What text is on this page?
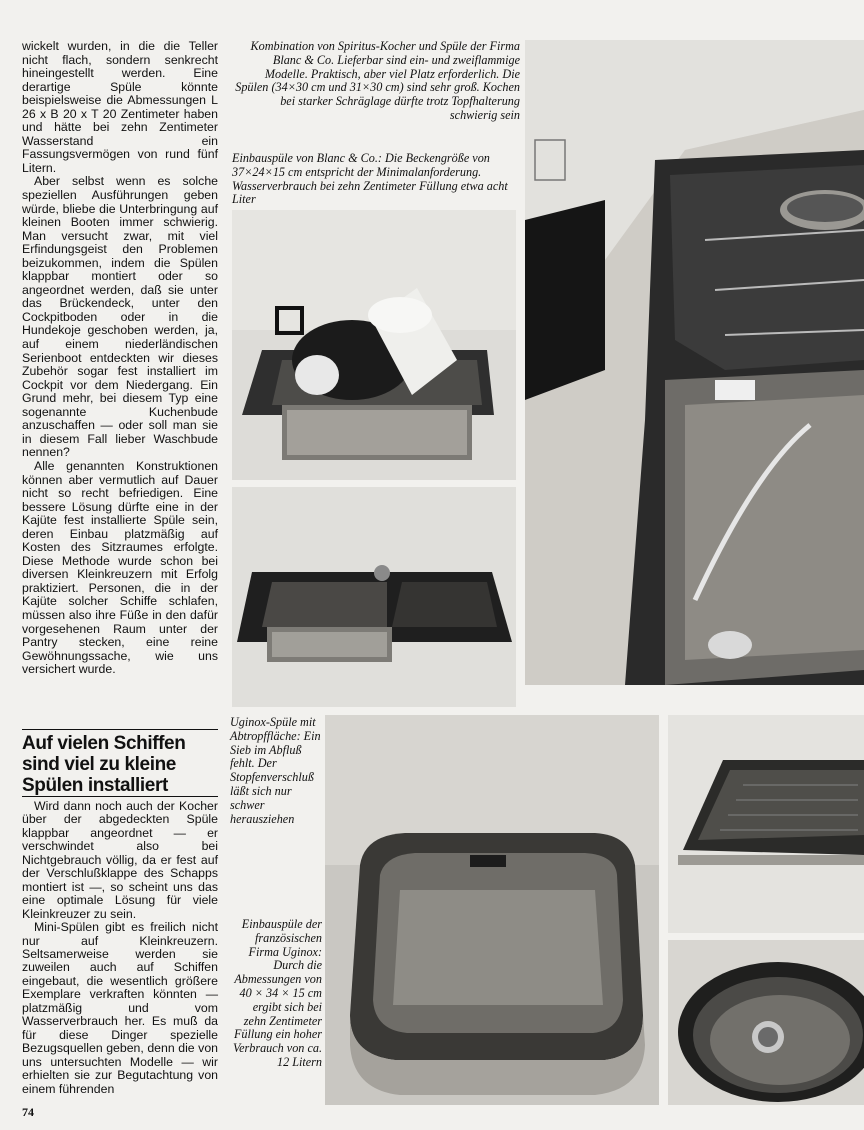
wickelt wurden, in die die Teller nicht flach, sondern senkrecht hineingestellt werden. Eine derartige Spüle könnte beispielsweise die Abmessungen L 26 x B 20 x T 20 Zentimeter haben und hätte bei zehn Zentimeter Wasserstand ein Fassungsvermögen von rund fünf Litern.

Aber selbst wenn es solche speziellen Ausführungen geben würde, bliebe die Unterbringung auf kleinen Booten immer schwierig. Man versucht zwar, mit viel Erfindungsgeist den Problemen beizukommen, indem die Spülen klappbar montiert oder so angeordnet werden, daß sie unter das Brückendeck, unter den Cockpitboden oder in die Hundekoje geschoben werden, ja, auf einem niederländischen Serienboot entdeckten wir dieses Zubehör sogar fest installiert im Cockpit vor dem Niedergang. Ein Grund mehr, bei diesem Typ eine sogenannte Kuchenbude anzuschaffen — oder soll man sie in diesem Fall lieber Waschbude nennen?

Alle genannten Konstruktionen können aber vermutlich auf Dauer nicht so recht befriedigen. Eine bessere Lösung dürfte eine in der Kajüte fest installierte Spüle sein, deren Einbau platzmäßig auf Kosten des Sitzraumes erfolgte. Diese Methode wurde schon bei diversen Kleinkreuzern mit Erfolg praktiziert. Personen, die in der Kajüte solcher Schiffe schlafen, müssen also ihre Füße in den dafür vorgesehenen Raum unter der Pantry stecken, eine reine Gewöhnungssache, wie uns versichert wurde.

Auf vielen Schiffen sind viel zu kleine Spülen installiert

Wird dann noch auch der Kocher über der abgedeckten Spüle klappbar angeordnet — er verschwindet also bei Nichtgebrauch völlig, da er fest auf der Verschlußklappe des Schapps montiert ist —, so scheint uns das eine optimale Lösung für viele Kleinkreuzer zu sein.

Mini-Spülen gibt es freilich nicht nur auf Kleinkreuzern. Seltsamerweise werden sie zuweilen auch auf Schiffen eingebaut, die wesentlich größere Exemplare verkraften könnten — platzmäßig und vom Wasserverbrauch her. Es muß da für diese Dinger spezielle Bezugsquellen geben, denn die von uns untersuchten Modelle — wir erhielten sie zur Begutachtung von einem führenden

74
Kombination von Spiritus-Kocher und Spüle der Firma Blanc & Co. Lieferbar sind ein- und zweiflammige Modelle. Praktisch, aber viel Platz erforderlich. Die Spülen (34×30 cm und 31×30 cm) sind sehr groß. Kochen bei starker Schräglage dürfte trotz Topfhalterung schwierig sein
Einbauspüle von Blanc & Co.: Die Beckengröße von 37×24×15 cm entspricht der Minimalanforderung. Wasserverbrauch bei zehn Zentimeter Füllung etwa acht Liter
Uginox-Spüle mit Abtropffläche: Ein Sieb im Abfluß fehlt. Der Stopfenverschluß läßt sich nur schwer herausziehen
Einbauspüle der französischen Firma Uginox: Durch die Abmessungen von 40 × 34 × 15 cm ergibt sich bei zehn Zentimeter Füllung ein hoher Verbrauch von ca. 12 Litern
